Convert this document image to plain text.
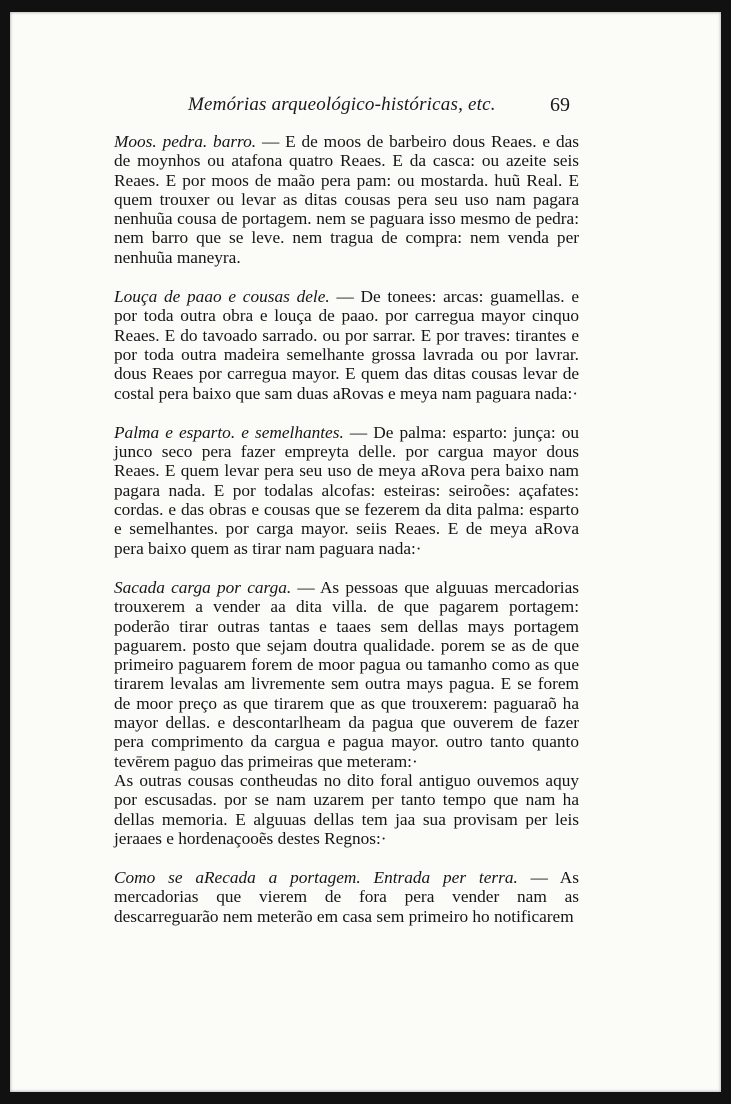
Memórias arqueológico-históricas, etc.	69

Moos. pedra. barro. — E de moos de barbeiro dous Reaes. e das de moynhos ou atafona quatro Reaes. E da casca: ou azeite seis Reaes. E por moos de maão pera pam: ou mostarda. huũ Real. E quem trouxer ou levar as ditas cousas pera seu uso nam pagara nenhuũa cousa de portagem. nem se paguara isso mesmo de pedra: nem barro que se leve. nem tragua de compra: nem venda per nenhuũa maneyra.

Louça de paao e cousas dele. — De tonees: arcas: guamellas. e por toda outra obra e louça de paao. por carregua mayor cinquo Reaes. E do tavoado sarrado. ou por sarrar. E por traves: tirantes e por toda outra madeira semelhante grossa lavrada ou por lavrar. dous Reaes por carregua mayor. E quem das ditas cousas levar de costal pera baixo que sam duas aRovas e meya nam paguara nada:·

Palma e esparto. e semelhantes. — De palma: esparto: junça: ou junco seco pera fazer empreyta delle. por cargua mayor dous Reaes. E quem levar pera seu uso de meya aRova pera baixo nam pagara nada. E por todalas alcofas: esteiras: seiroões: açafates: cordas. e das obras e cousas que se fezerem da dita palma: esparto e semelhantes. por carga mayor. seiis Reaes. E de meya aRova pera baixo quem as tirar nam paguara nada:·

Sacada carga por carga. — As pessoas que alguuas mercadorias trouxerem a vender aa dita villa. de que pagarem portagem: poderão tirar outras tantas e taaes sem dellas mays portagem paguarem. posto que sejam doutra qualidade. porem se as de que primeiro paguarem forem de moor pagua ou tamanho como as que tirarem levalas am livremente sem outra mays pagua. E se forem de moor preço as que tirarem que as que trouxerem: paguaraõ ha mayor dellas. e descontarlheam da pagua que ouverem de fazer pera comprimento da cargua e pagua mayor. outro tanto quanto tevērem paguo das primeiras que meteram:·

As outras cousas contheudas no dito foral antiguo ouvemos aquy por escusadas. por se nam uzarem per tanto tempo que nam ha dellas memoria. E alguuas dellas tem jaa sua provisam per leis jeraaes e hordenaçooẽs destes Regnos:·

Como se aRecada a portagem. Entrada per terra. — As mercadorias que vierem de fora pera vender nam as descarreguarão nem meterão em casa sem primeiro ho notificarem
